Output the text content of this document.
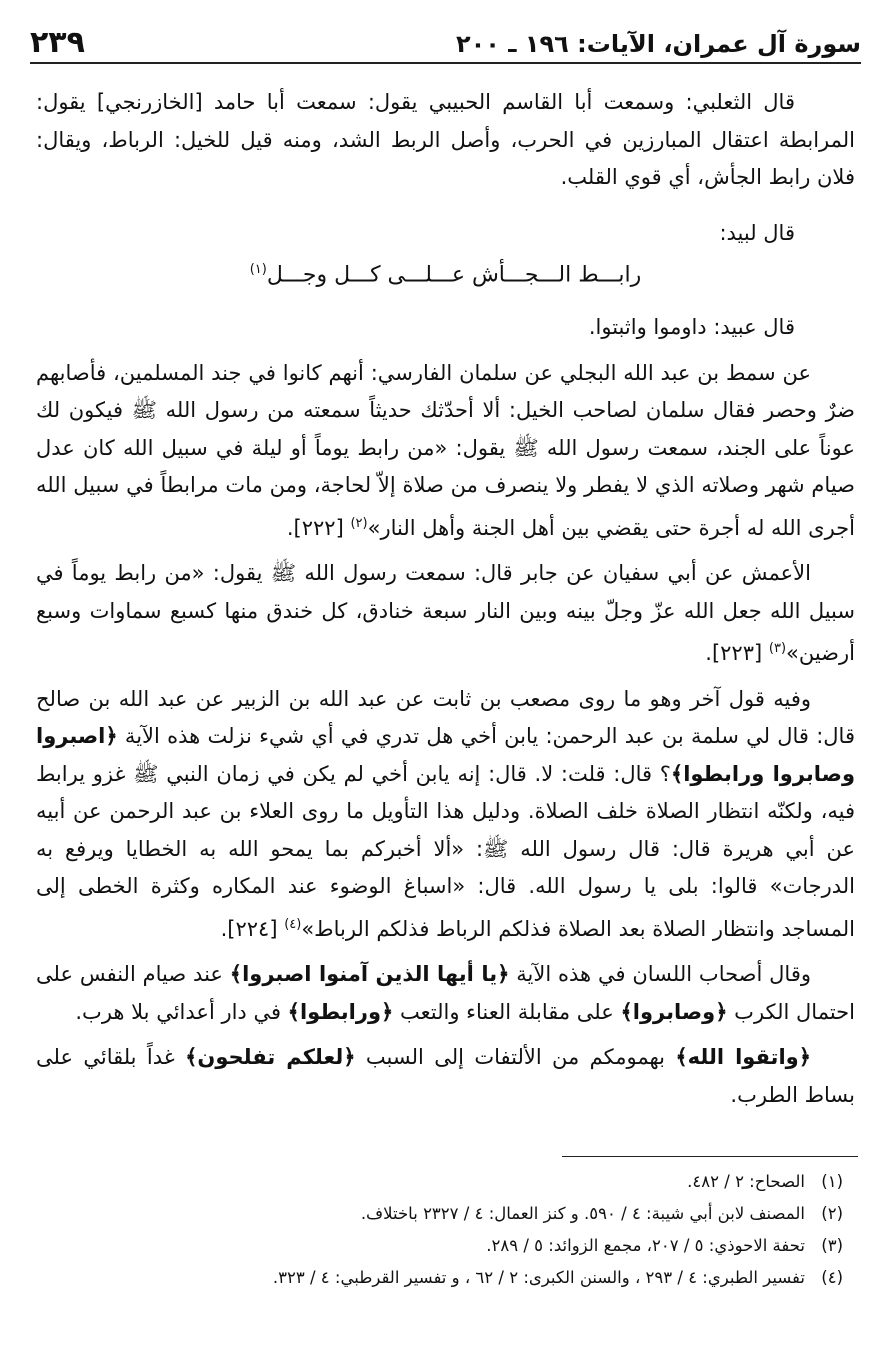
سورة آل عمران، الآيات: ١٩٦ ـ ٢٠٠
٢٣٩

قال الثعلبي: وسمعت أبا القاسم الحبيبي يقول: سمعت أبا حامد [الخازرنجي] يقول: المرابطة اعتقال المبارزين في الحرب، وأصل الربط الشد، ومنه قيل للخيل: الرباط، ويقال: فلان رابط الجأش، أي قوي القلب.

قال لبيد:

رابـــط الـــجـــأش عـــلـــى كـــل وجـــل$^{(١)}$

قال عبيد: داوموا واثبتوا.

عن سمط بن عبد الله البجلي عن سلمان الفارسي: أنهم كانوا في جند المسلمين، فأصابهم ضرٌ وحصر فقال سلمان لصاحب الخيل: ألا أحدّثك حديثاً سمعته من رسول الله ﷺ فيكون لك عوناً على الجند، سمعت رسول الله ﷺ يقول: «من رابط يوماً أو ليلة في سبيل الله كان عدل صيام شهر وصلاته الذي لا يفطر ولا ينصرف من صلاة إلاّ لحاجة، ومن مات مرابطاً في سبيل الله أجرى الله له أجرة حتى يقضي بين أهل الجنة وأهل النار»$^{(٢)}$ [٢٢٢].

الأعمش عن أبي سفيان عن جابر قال: سمعت رسول الله ﷺ يقول: «من رابط يوماً في سبيل الله جعل الله عزّ وجلّ بينه وبين النار سبعة خنادق، كل خندق منها كسبع سماوات وسبع أرضين»$^{(٣)}$ [٢٢٣].

وفيه قول آخر وهو ما روى مصعب بن ثابت عن عبد الله بن الزبير عن عبد الله بن صالح قال: قال لي سلمة بن عبد الرحمن: يابن أخي هل تدري في أي شيء نزلت هذه الآية ﴿اصبروا وصابروا ورابطوا﴾؟ قال: قلت: لا. قال: إنه يابن أخي لم يكن في زمان النبي ﷺ غزو يرابط فيه، ولكنّه انتظار الصلاة خلف الصلاة. ودليل هذا التأويل ما روى العلاء بن عبد الرحمن عن أبيه عن أبي هريرة قال: قال رسول الله ﷺ: «ألا أخبركم بما يمحو الله به الخطايا ويرفع به الدرجات» قالوا: بلى يا رسول الله. قال: «اسباغ الوضوء عند المكاره وكثرة الخطى إلى المساجد وانتظار الصلاة بعد الصلاة فذلكم الرباط فذلكم الرباط»$^{(٤)}$ [٢٢٤].

وقال أصحاب اللسان في هذه الآية ﴿يا أيها الذين آمنوا اصبروا﴾ عند صيام النفس على احتمال الكرب ﴿وصابروا﴾ على مقابلة العناء والتعب ﴿ورابطوا﴾ في دار أعدائي بلا هرب.

﴿واتقوا الله﴾ بهمومكم من الألتفات إلى السبب ﴿لعلكم تفلحون﴾ غداً بلقائي على بساط الطرب.

(١)
الصحاح: ٢ / ٤٨٢.
(٢)
المصنف لابن أبي شيبة: ٤ / ٥٩٠. و كنز العمال: ٤ / ٢٣٢٧ باختلاف.
(٣)
تحفة الاحوذي: ٥ / ٢٠٧، مجمع الزوائد: ٥ / ٢٨٩.
(٤)
تفسير الطبري: ٤ / ٢٩٣ ، والسنن الكبرى: ٢ / ٦٢ ، و تفسير القرطبي: ٤ / ٣٢٣.
